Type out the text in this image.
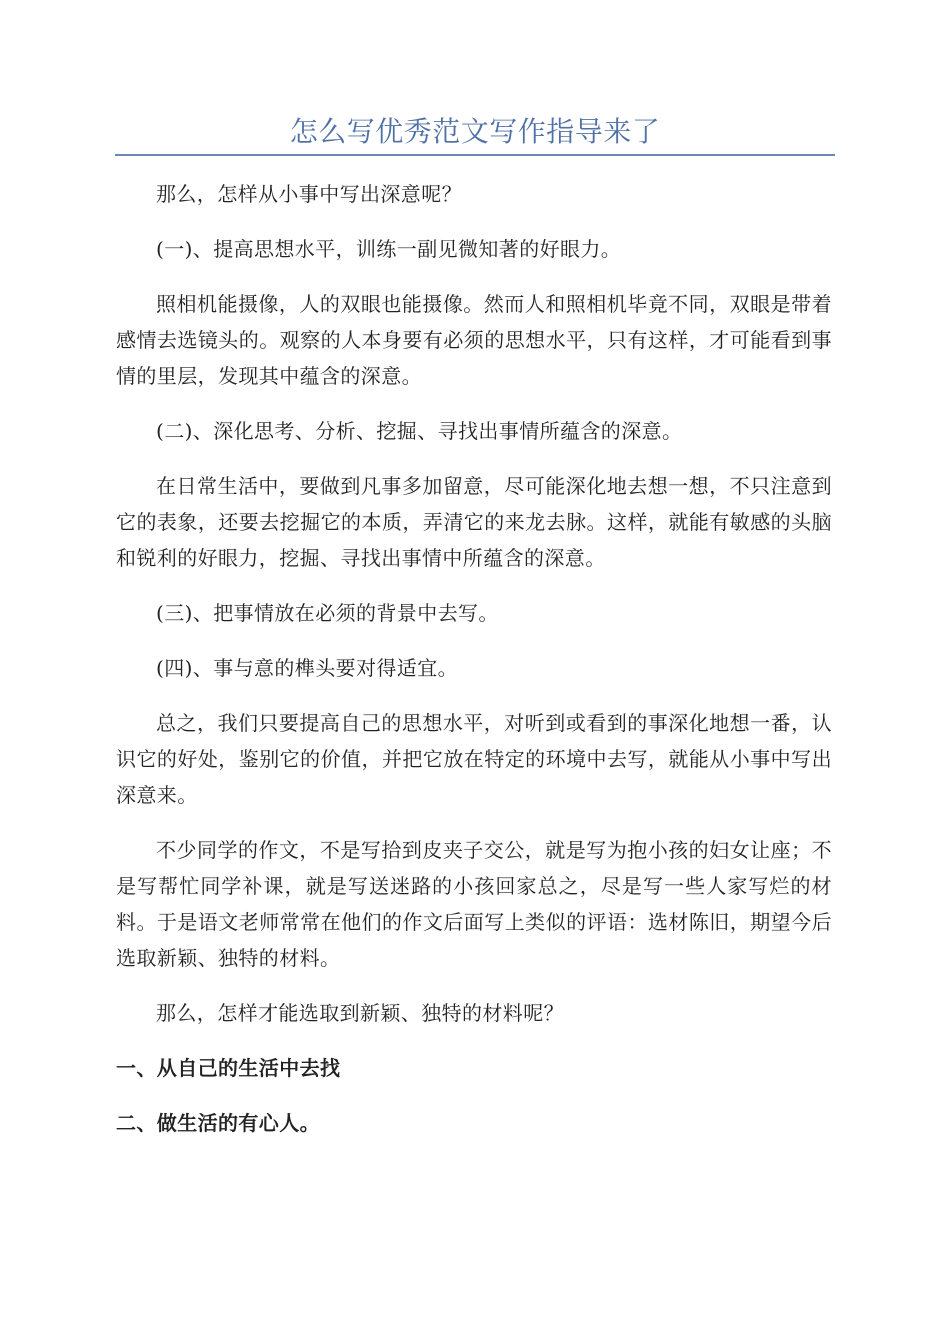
怎么写优秀范文写作指导来了

那么，怎样从小事中写出深意呢？

(一)、提高思想水平，训练一副见微知著的好眼力。

照相机能摄像，人的双眼也能摄像。然而人和照相机毕竟不同，双眼是带着感情去选镜头的。观察的人本身要有必须的思想水平，只有这样，才可能看到事情的里层，发现其中蕴含的深意。

(二)、深化思考、分析、挖掘、寻找出事情所蕴含的深意。

在日常生活中，要做到凡事多加留意，尽可能深化地去想一想，不只注意到它的表象，还要去挖掘它的本质，弄清它的来龙去脉。这样，就能有敏感的头脑和锐利的好眼力，挖掘、寻找出事情中所蕴含的深意。

(三)、把事情放在必须的背景中去写。

(四)、事与意的榫头要对得适宜。

总之，我们只要提高自己的思想水平，对听到或看到的事深化地想一番，认识它的好处，鉴别它的价值，并把它放在特定的环境中去写，就能从小事中写出深意来。

不少同学的作文，不是写拾到皮夹子交公，就是写为抱小孩的妇女让座；不是写帮忙同学补课，就是写送迷路的小孩回家总之，尽是写一些人家写烂的材料。于是语文老师常常在他们的作文后面写上类似的评语：选材陈旧，期望今后选取新颖、独特的材料。

那么，怎样才能选取到新颖、独特的材料呢？

一、从自己的生活中去找

二、做生活的有心人。
